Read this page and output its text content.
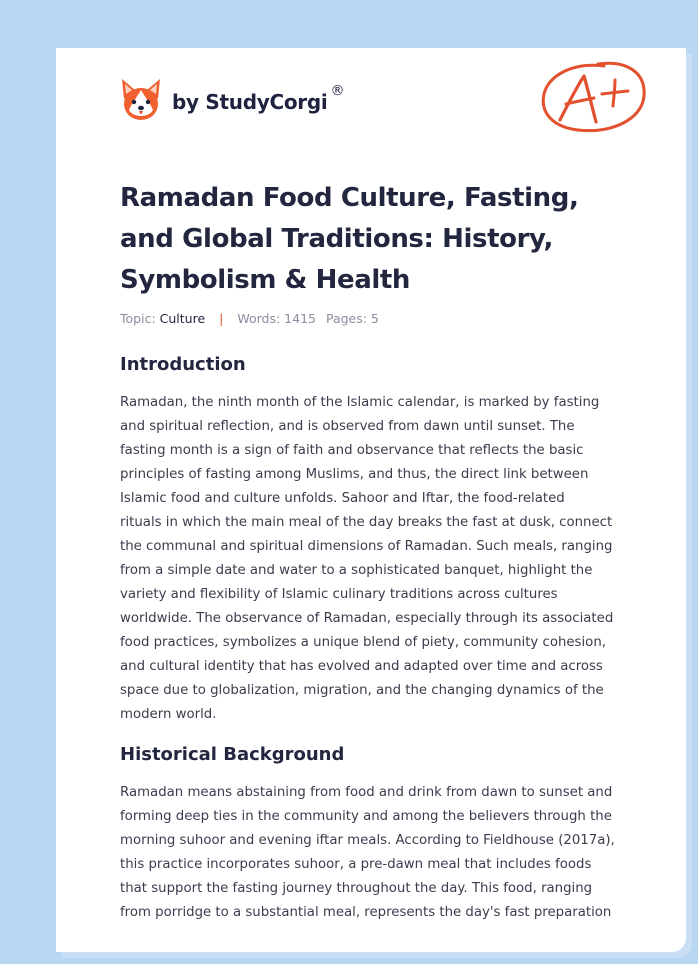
by StudyCorgi ®
Ramadan Food Culture, Fasting, and Global Traditions: History, Symbolism & Health
Topic: Culture | Words: 1415 Pages: 5
Introduction

Ramadan, the ninth month of the Islamic calendar, is marked by fasting
and spiritual reflection, and is observed from dawn until sunset. The
fasting month is a sign of faith and observance that reflects the basic
principles of fasting among Muslims, and thus, the direct link between
Islamic food and culture unfolds. Sahoor and Iftar, the food-related
rituals in which the main meal of the day breaks the fast at dusk, connect
the communal and spiritual dimensions of Ramadan. Such meals, ranging
from a simple date and water to a sophisticated banquet, highlight the
variety and flexibility of Islamic culinary traditions across cultures
worldwide. The observance of Ramadan, especially through its associated
food practices, symbolizes a unique blend of piety, community cohesion,
and cultural identity that has evolved and adapted over time and across
space due to globalization, migration, and the changing dynamics of the
modern world.

Historical Background

Ramadan means abstaining from food and drink from dawn to sunset and
forming deep ties in the community and among the believers through the
morning suhoor and evening iftar meals. According to Fieldhouse (2017a),
this practice incorporates suhoor, a pre-dawn meal that includes foods
that support the fasting journey throughout the day. This food, ranging
from porridge to a substantial meal, represents the day's fast preparation
